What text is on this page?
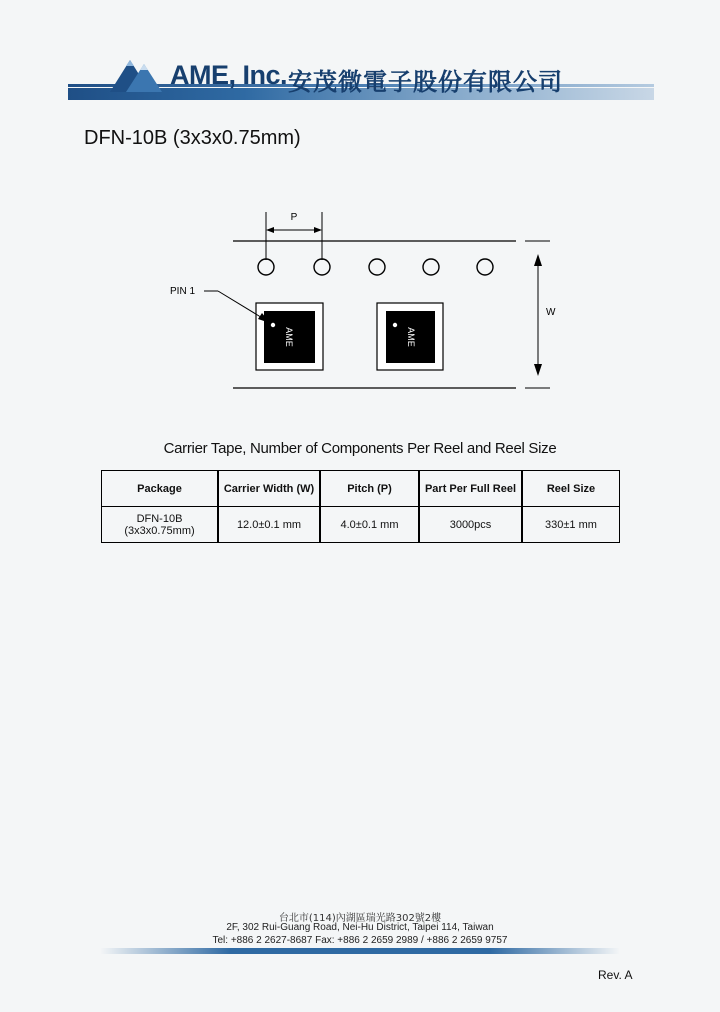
AME, Inc. 安茂微電子股份有限公司
DFN-10B (3x3x0.75mm)
P
W
AME	AME
PIN 1
Carrier Tape, Number of Components Per Reel and Reel Size
Package	Carrier Width (W)	Pitch (P)	Part Per Full Reel	Reel Size

DFN-10B
(3x3x0.75mm)	12.0±0.1 mm	4.0±0.1 mm	3000pcs	330±1 mm
台北市(114)內湖區瑞光路302號2樓
2F, 302 Rui-Guang Road, Nei-Hu District, Taipei 114, Taiwan
Tel: +886 2 2627-8687 Fax: +886 2 2659 2989 / +886 2 2659 9757
Rev. A
